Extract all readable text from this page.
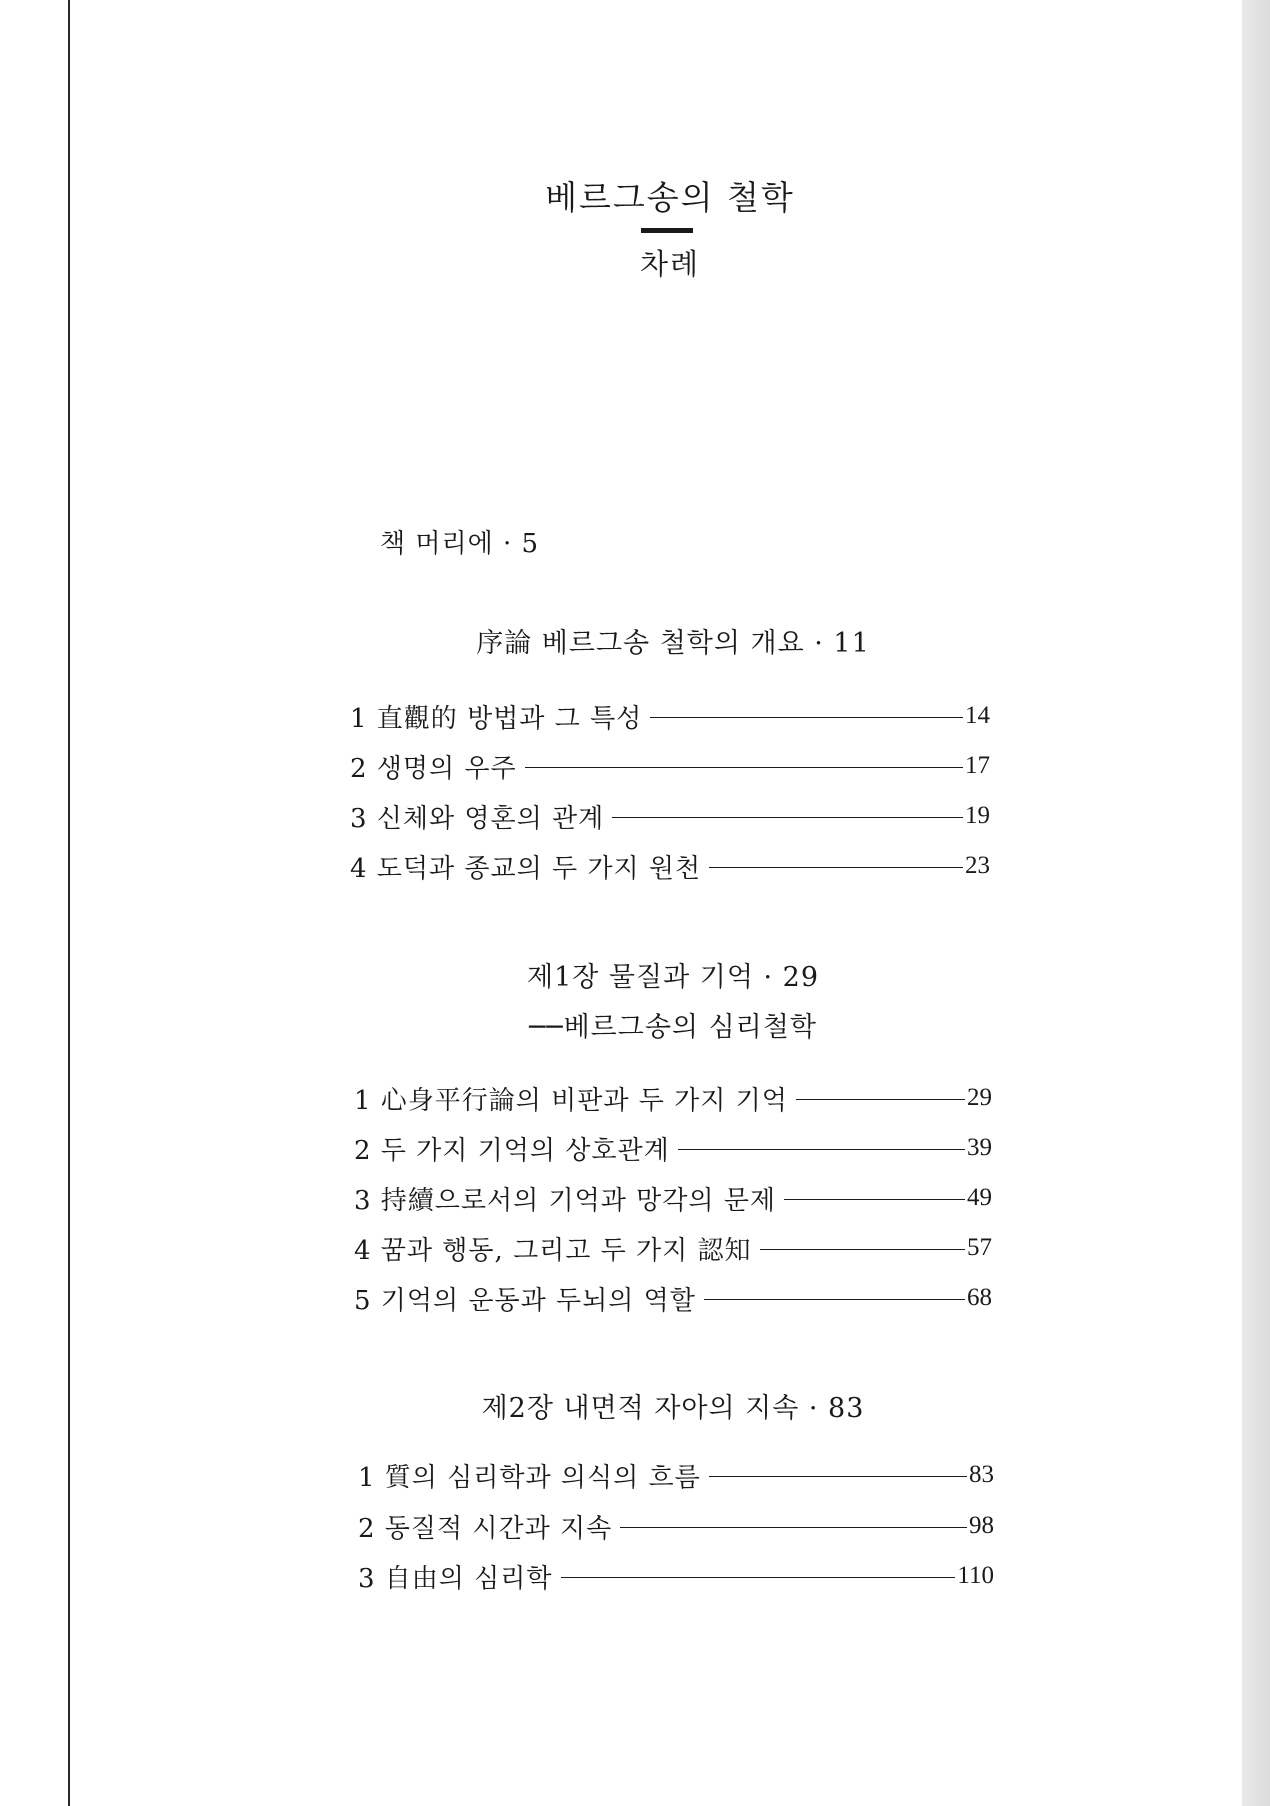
베르그송의 철학
차례
책 머리에 · 5
序論 베르그송 철학의 개요 · 11
1 直觀的 방법과 그 특성	14
2 생명의 우주	17
3 신체와 영혼의 관계	19
4 도덕과 종교의 두 가지 원천	23
제1장 물질과 기억 · 29
──베르그송의 심리철학
1 心身平行論의 비판과 두 가지 기억	29
2 두 가지 기억의 상호관계	39
3 持續으로서의 기억과 망각의 문제	49
4 꿈과 행동, 그리고 두 가지 認知	57
5 기억의 운동과 두뇌의 역할	68
제2장 내면적 자아의 지속 · 83
1 質의 심리학과 의식의 흐름	83
2 동질적 시간과 지속	98
3 自由의 심리학	110
